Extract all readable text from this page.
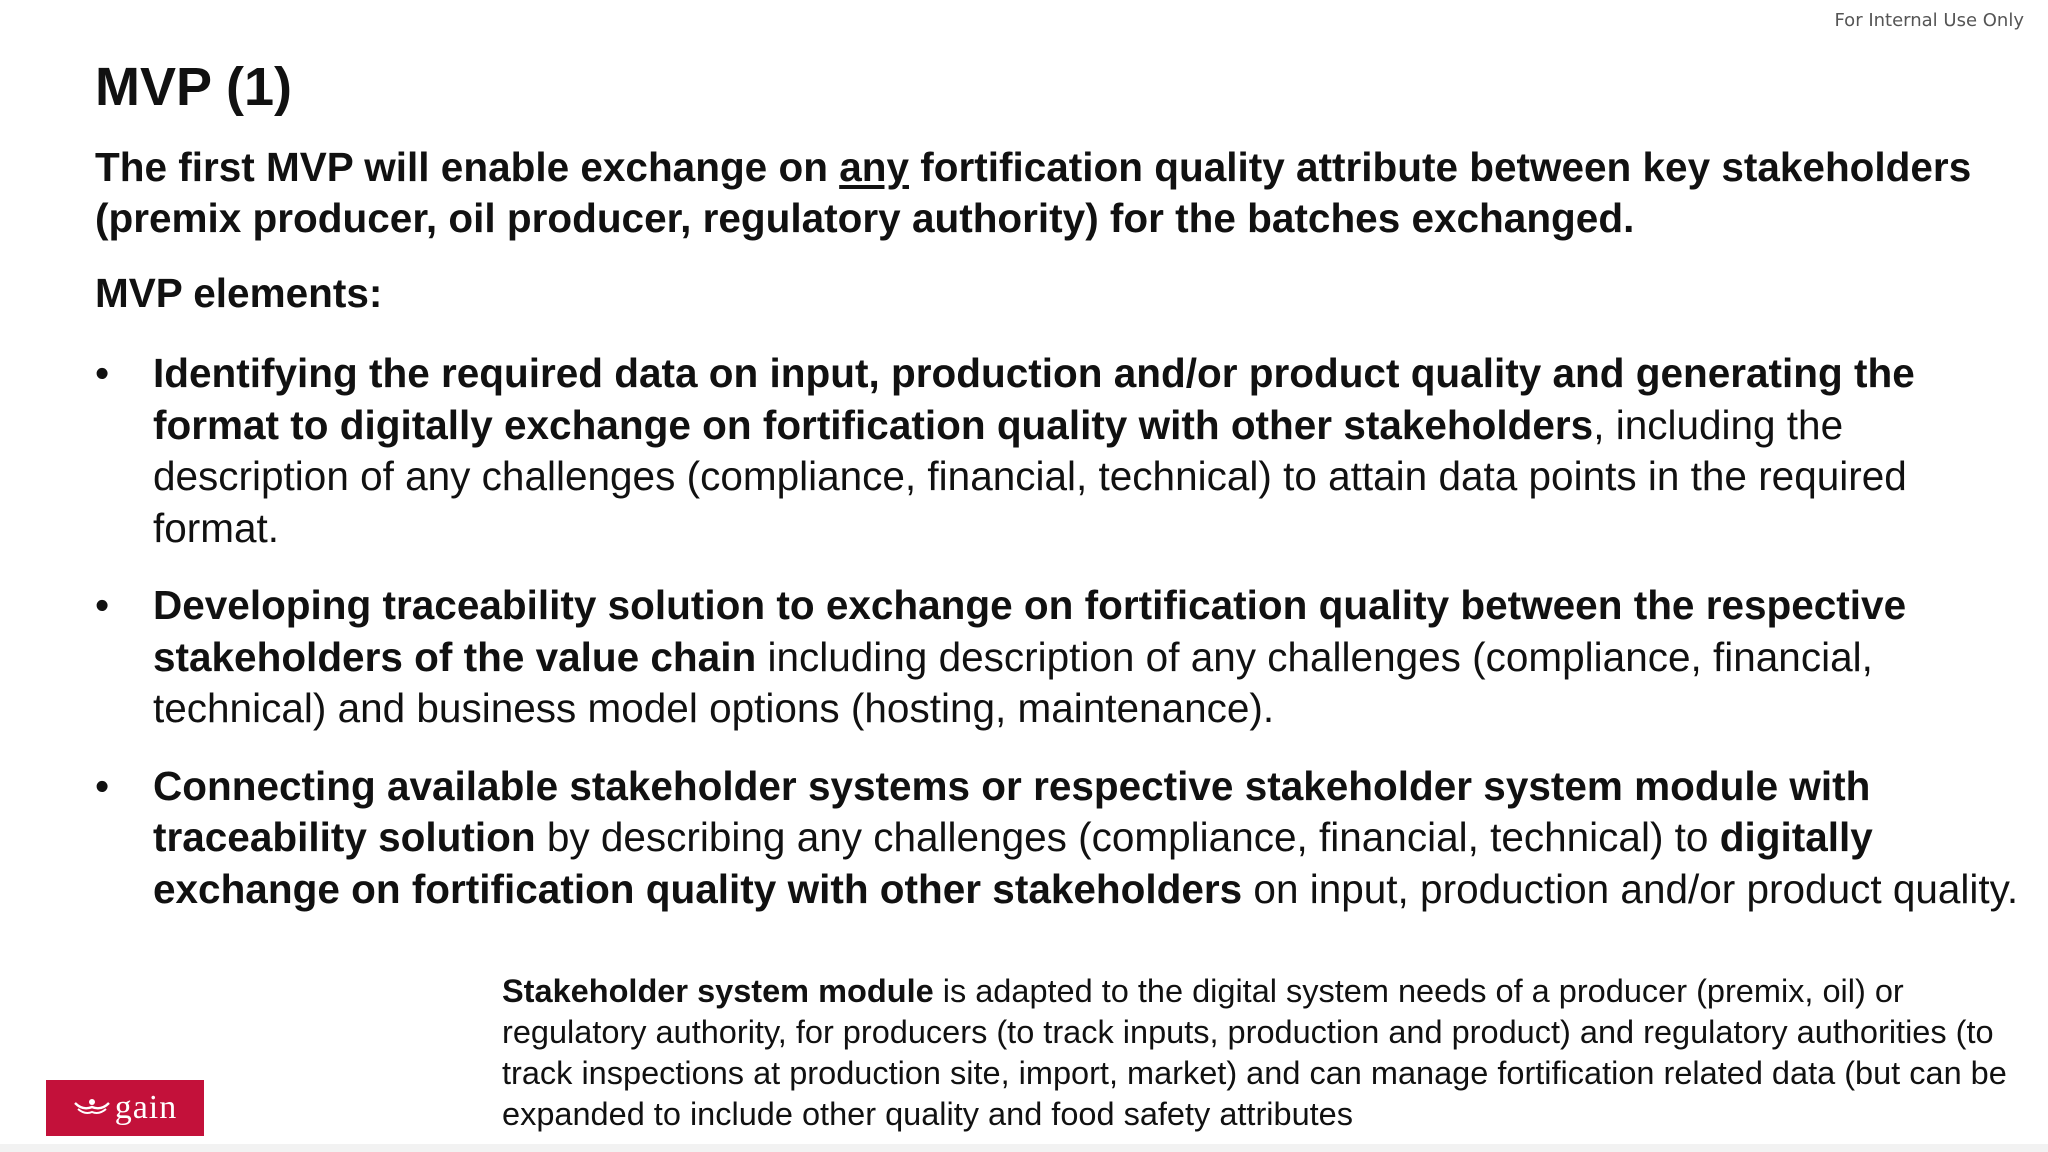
For Internal Use Only
MVP (1)

The first MVP will enable exchange on any fortification quality attribute between key stakeholders (premix producer, oil producer, regulatory authority) for the batches exchanged.

MVP elements:

•	Identifying the required data on input, production and/or product quality and generating the format to digitally exchange on fortification quality with other stakeholders, including the description of any challenges (compliance, financial, technical) to attain data points in the required format.
•	Developing traceability solution to exchange on fortification quality between the respective stakeholders of the value chain including description of any challenges (compliance, financial, technical) and business model options (hosting, maintenance).
•	Connecting available stakeholder systems or respective stakeholder system module with traceability solution by describing any challenges (compliance, financial, technical) to digitally exchange on fortification quality with other stakeholders on input, production and/or product quality.

Stakeholder system module is adapted to the digital system needs of a producer (premix, oil) or regulatory authority, for producers (to track inputs, production and product) and regulatory authorities (to track inspections at production site, import, market) and can manage fortification related data (but can be expanded to include other quality and food safety attributes

gain
